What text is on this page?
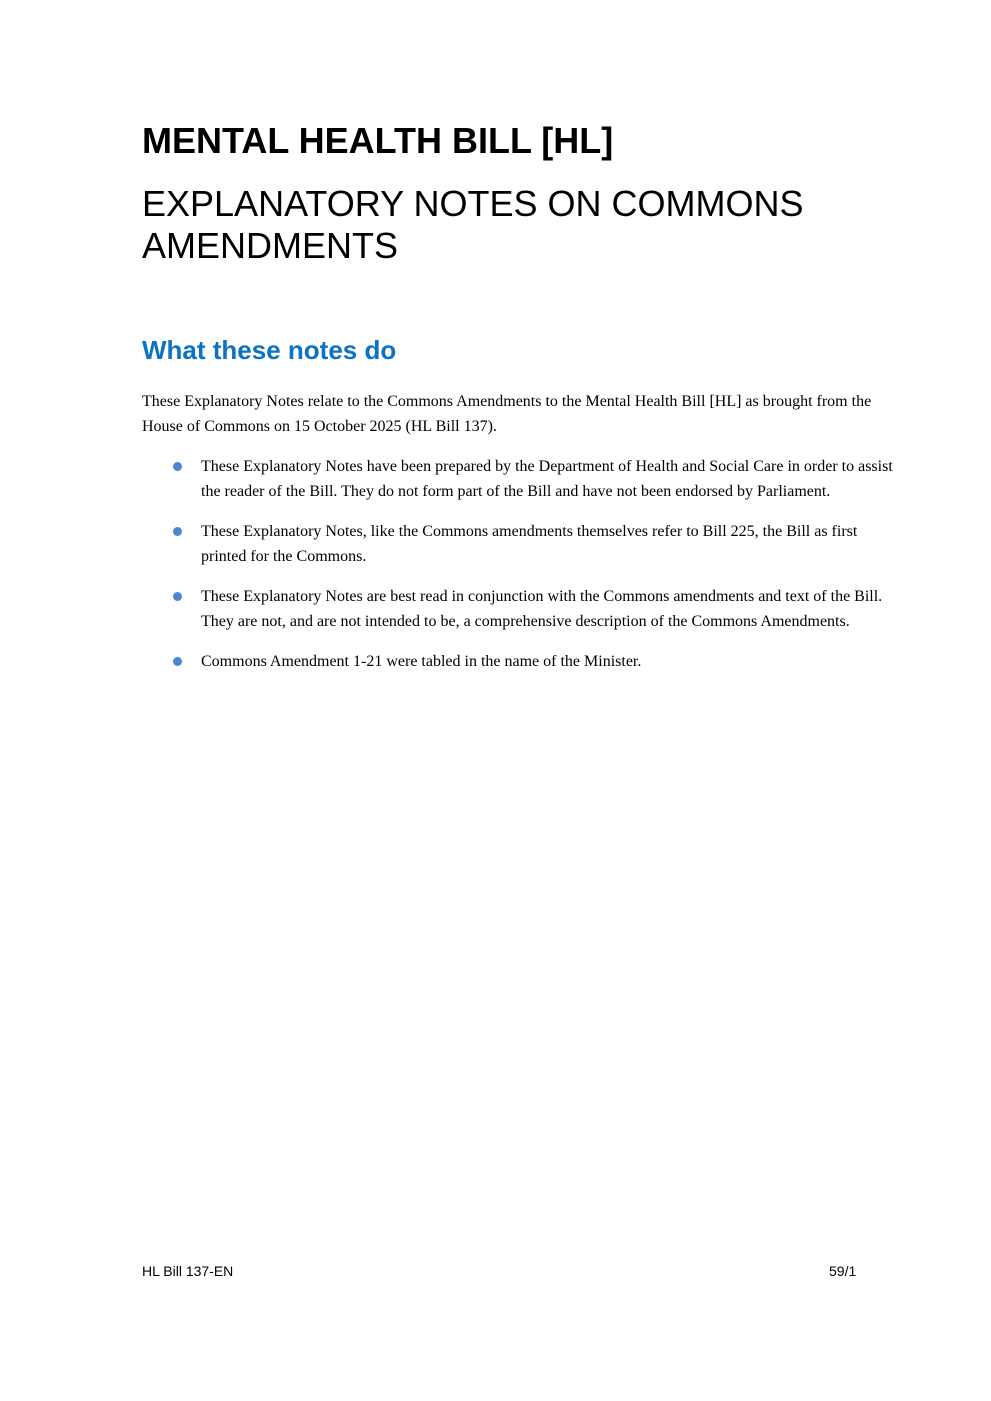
MENTAL HEALTH BILL [HL]
EXPLANATORY NOTES ON COMMONS AMENDMENTS
What these notes do

These Explanatory Notes relate to the Commons Amendments to the Mental Health Bill [HL] as brought from the House of Commons on 15 October 2025 (HL Bill 137).

These Explanatory Notes have been prepared by the Department of Health and Social Care in order to assist the reader of the Bill. They do not form part of the Bill and have not been endorsed by Parliament.
These Explanatory Notes, like the Commons amendments themselves refer to Bill 225, the Bill as first printed for the Commons.
These Explanatory Notes are best read in conjunction with the Commons amendments and text of the Bill. They are not, and are not intended to be, a comprehensive description of the Commons Amendments.
Commons Amendment 1-21 were tabled in the name of the Minister.
HL Bill 137-EN	59/1
